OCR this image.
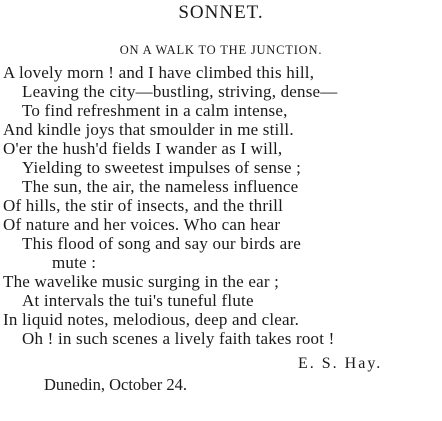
SONNET.
ON A WALK TO THE JUNCTION.
A lovely morn ! and I have climbed this hill,
Leaving the city—bustling, striving, dense—
To find refreshment in a calm intense,
And kindle joys that smoulder in me still.
O'er the hush'd fields I wander as I will,
Yielding to sweetest impulses of sense ;
The sun, the air, the nameless influence
Of hills, the stir of insects, and the thrill
Of nature and her voices. Who can hear
This flood of song and say our birds are
mute :
The wavelike music surging in the ear ;
At intervals the tui's tuneful flute
In liquid notes, melodious, deep and clear.
Oh ! in such scenes a lively faith takes root !
E. S. Hay.
Dunedin, October 24.
